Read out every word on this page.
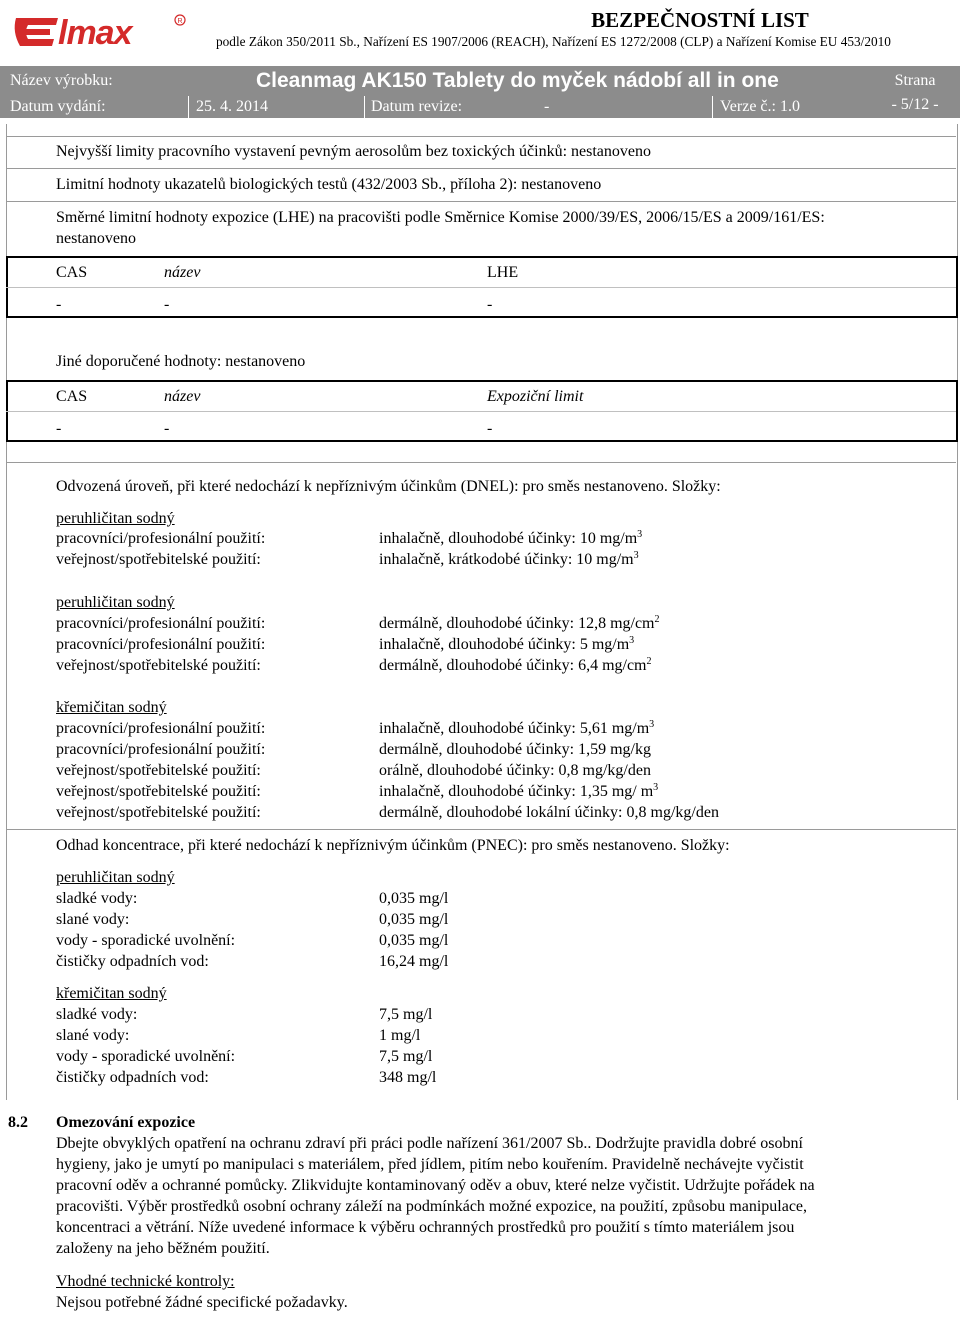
lmax	R	BEZPEČNOSTNÍ LIST
podle Zákon 350/2011 Sb., Nařízení ES 1907/2006 (REACH), Nařízení ES 1272/2008 (CLP) a Nařízení Komise EU 453/2010
Název výrobku:	Cleanmag AK150 Tablety do myček nádobí all in one
Datum vydání:	25. 4. 2014	Datum revize:	-	Verze č.: 1.0
Strana
- 5/12 -
Nejvyšší limity pracovního vystavení pevným aerosolům bez toxických účinků: nestanoveno
Limitní hodnoty ukazatelů biologických testů (432/2003 Sb., příloha 2): nestanoveno
Směrné limitní hodnoty expozice (LHE) na pracovišti podle Směrnice Komise 2000/39/ES, 2006/15/ES a 2009/161/ES:
nestanoveno
CAS	název	LHE
-	-	-
Jiné doporučené hodnoty: nestanoveno
CAS	název	Expoziční limit
-	-	-
Odvozená úroveň, při které nedochází k nepříznivým účinkům (DNEL): pro směs nestanoveno. Složky:
peruhličitan sodný
pracovníci/profesionální použití:	inhalačně, dlouhodobé účinky: 10 $mg/m^3$
veřejnost/spotřebitelské použití:	inhalačně, krátkodobé účinky: 10 $mg/m^3$
peruhličitan sodný
pracovníci/profesionální použití:	dermálně, dlouhodobé účinky: 12,8 $mg/cm^2$
pracovníci/profesionální použití:	inhalačně, dlouhodobé účinky: 5 $mg/m^3$
veřejnost/spotřebitelské použití:	dermálně, dlouhodobé účinky: 6,4 $mg/cm^2$
křemičitan sodný
pracovníci/profesionální použití:	inhalačně, dlouhodobé účinky: 5,61 $mg/m^3$
pracovníci/profesionální použití:	dermálně, dlouhodobé účinky: 1,59 mg/kg
veřejnost/spotřebitelské použití:	orálně, dlouhodobé účinky: 0,8 mg/kg/den
veřejnost/spotřebitelské použití:	inhalačně, dlouhodobé účinky: 1,35 mg/ $m^3$
veřejnost/spotřebitelské použití:	dermálně, dlouhodobé lokální účinky: 0,8 mg/kg/den
Odhad koncentrace, při které nedochází k nepříznivým účinkům (PNEC): pro směs nestanoveno. Složky:
peruhličitan sodný
sladké vody:	0,035 mg/l
slané vody:	0,035 mg/l
vody - sporadické uvolnění:	0,035 mg/l
čističky odpadních vod:	16,24 mg/l
křemičitan sodný
sladké vody:	7,5 mg/l
slané vody:	1 mg/l
vody - sporadické uvolnění:	7,5 mg/l
čističky odpadních vod:	348 mg/l
8.2 Omezování expozice
Dbejte obvyklých opatření na ochranu zdraví při práci podle nařízení 361/2007 Sb.. Dodržujte pravidla dobré osobní
hygieny, jako je umytí po manipulaci s materiálem, před jídlem, pitím nebo kouřením. Pravidelně nechávejte vyčistit
pracovní oděv a ochranné pomůcky. Zlikvidujte kontaminovaný oděv a obuv, které nelze vyčistit. Udržujte pořádek na
pracovišti. Výběr prostředků osobní ochrany záleží na podmínkách možné expozice, na použití, způsobu manipulace,
koncentraci a větrání. Níže uvedené informace k výběru ochranných prostředků pro použití s tímto materiálem jsou
založeny na jeho běžném použití.
Vhodné technické kontroly:
Nejsou potřebné žádné specifické požadavky.
